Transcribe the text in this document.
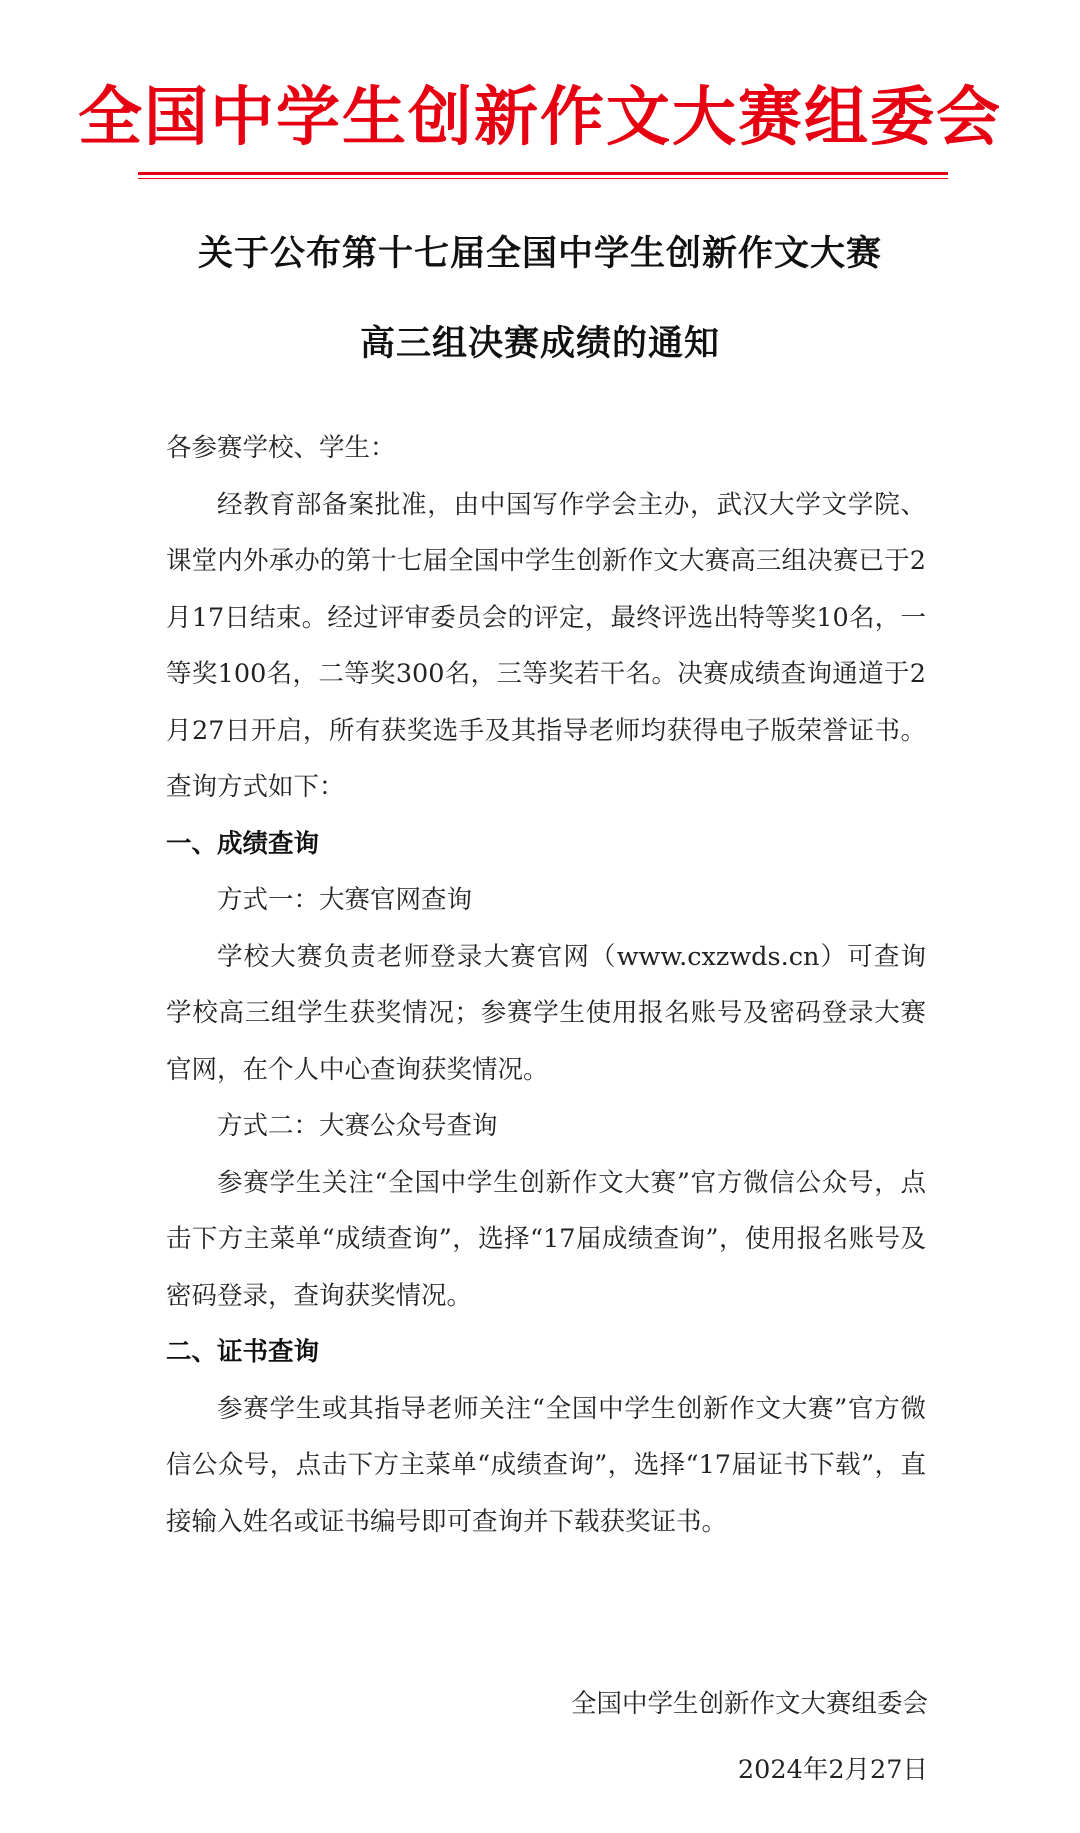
全国中学生创新作文大赛组委会
关于公布第十七届全国中学生创新作文大赛
高三组决赛成绩的通知

各参赛学校、学生：

经教育部备案批准，由中国写作学会主办，武汉大学文学院、课堂内外承办的第十七届全国中学生创新作文大赛高三组决赛已于2月17日结束。经过评审委员会的评定，最终评选出特等奖10名，一等奖100名，二等奖300名，三等奖若干名。决赛成绩查询通道于2月27日开启，所有获奖选手及其指导老师均获得电子版荣誉证书。查询方式如下：

一、成绩查询

方式一：大赛官网查询

学校大赛负责老师登录大赛官网（www.cxzwds.cn）可查询学校高三组学生获奖情况；参赛学生使用报名账号及密码登录大赛官网，在个人中心查询获奖情况。

方式二：大赛公众号查询

参赛学生关注“全国中学生创新作文大赛”官方微信公众号，点击下方主菜单“成绩查询”，选择“17届成绩查询”，使用报名账号及密码登录，查询获奖情况。

二、证书查询

参赛学生或其指导老师关注“全国中学生创新作文大赛”官方微信公众号，点击下方主菜单“成绩查询”，选择“17届证书下载”，直接输入姓名或证书编号即可查询并下载获奖证书。

全国中学生创新作文大赛组委会
2024年2月27日
